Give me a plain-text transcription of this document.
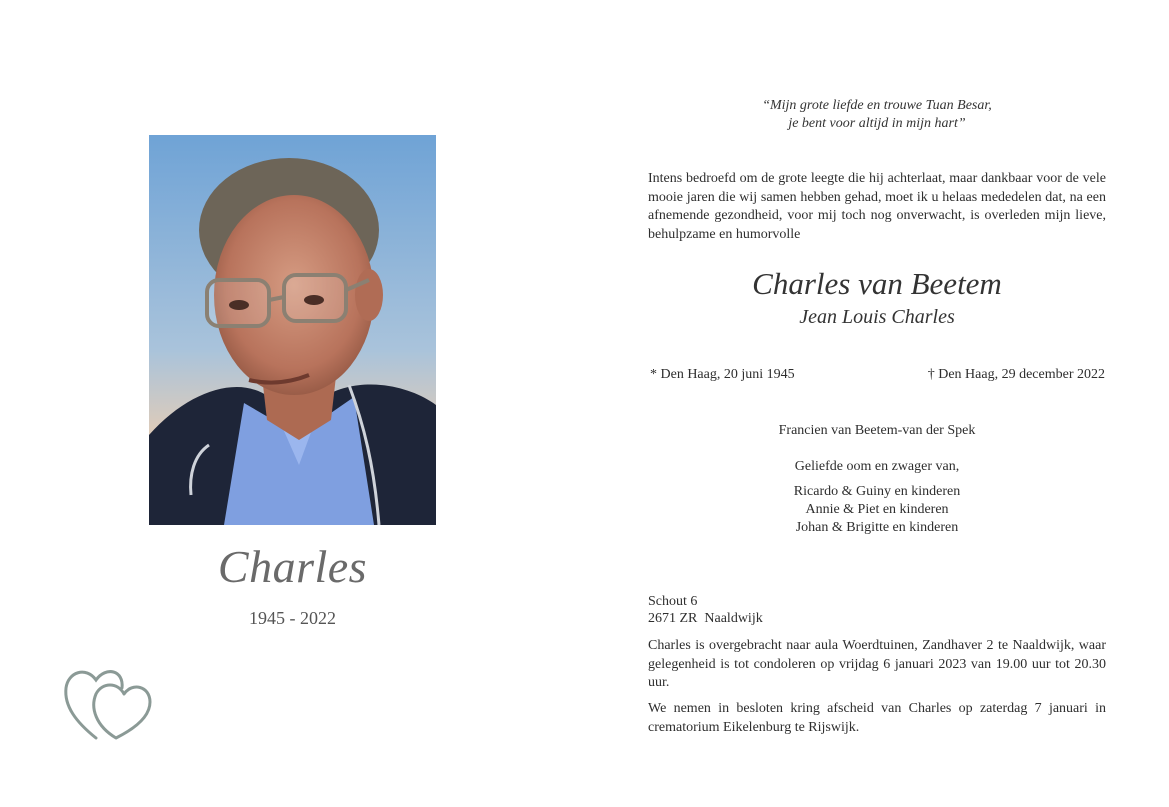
Charles
1945 - 2022
“Mijn grote liefde en trouwe Tuan Besar,
je bent voor altijd in mijn hart”
Intens bedroefd om de grote leegte die hij achterlaat, maar dankbaar voor de vele mooie jaren die wij samen hebben gehad, moet ik u helaas mededelen dat, na een afnemende gezondheid, voor mij toch nog onverwacht, is overleden mijn lieve, behulpzame en humorvolle
Charles van Beetem
Jean Louis Charles
* Den Haag, 20 juni 1945	† Den Haag, 29 december 2022
Francien van Beetem-van der Spek
Geliefde oom en zwager van,
Ricardo & Guiny en kinderen
Annie & Piet en kinderen
Johan & Brigitte en kinderen
Schout 6
2671 ZR  Naaldwijk
Charles is overgebracht naar aula Woerdtuinen, Zandhaver 2 te Naaldwijk, waar gelegenheid is tot condoleren op vrijdag 6 januari 2023 van 19.00 uur tot 20.30 uur.
We nemen in besloten kring afscheid van Charles op zaterdag 7 januari in crematorium Eikelenburg te Rijswijk.
